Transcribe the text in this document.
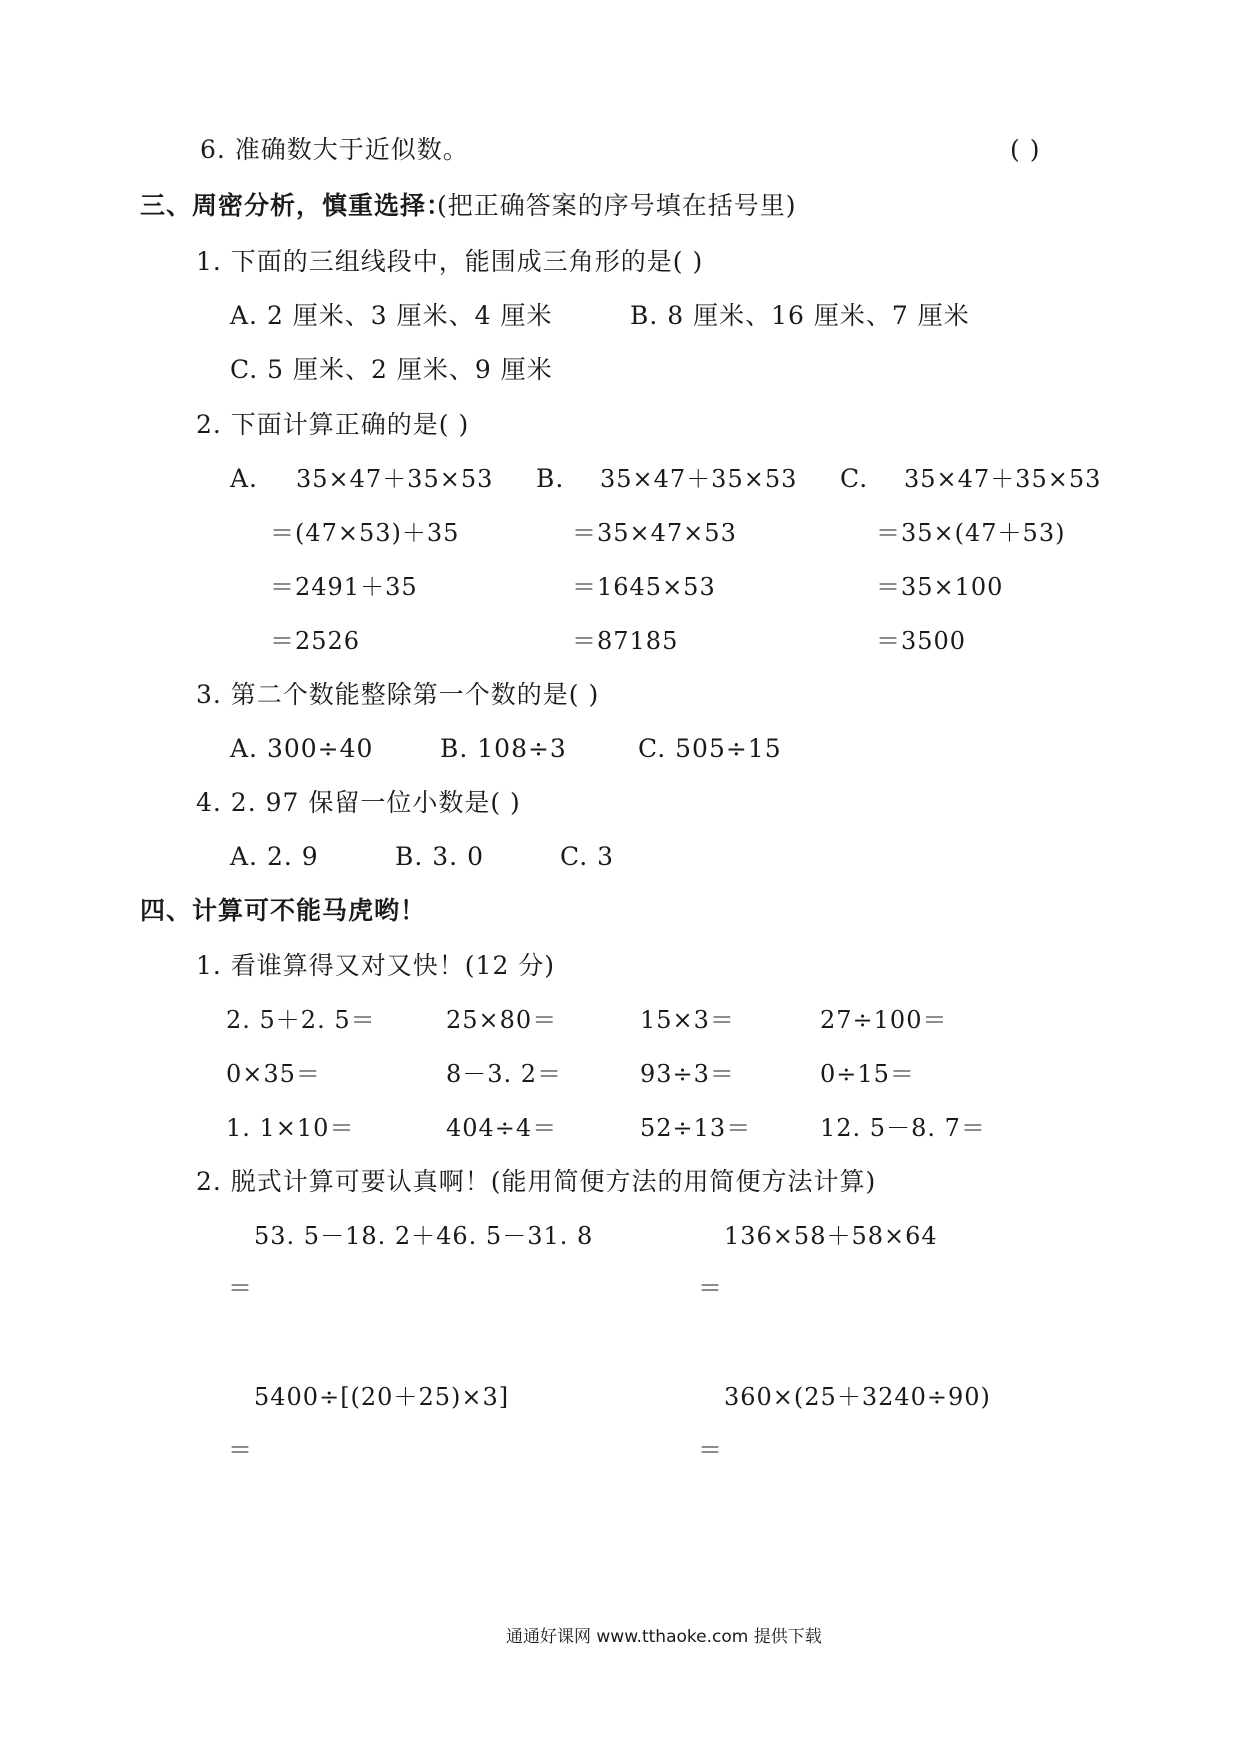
6. 准确数大于近似数。	( )
三、周密分析，慎重选择：
(把正确答案的序号填在括号里)
1. 下面的三组线段中，能围成三角形的是( )
A. 2 厘米、3 厘米、4 厘米	B. 8 厘米、16 厘米、7 厘米
C. 5 厘米、2 厘米、9 厘米
2. 下面计算正确的是( )
A. 35×47＋35×53
＝(47×53)＋35
＝2491＋35
＝2526
B. 35×47＋35×53
＝35×47×53
＝1645×53
＝87185
C. 35×47＋35×53
＝35×(47＋53)
＝35×100
＝3500
3. 第二个数能整除第一个数的是( )
A. 300÷40	B. 108÷3	C. 505÷15
4. 2. 97 保留一位小数是( )
A. 2. 9	B. 3. 0	C. 3
四、计算可不能马虎哟！
1. 看谁算得又对又快！(12 分)
2. 5＋2. 5＝	25×80＝	15×3＝	27÷100＝
0×35＝	8－3. 2＝	93÷3＝	0÷15＝
1. 1×10＝	404÷4＝	52÷13＝	12. 5－8. 7＝
2. 脱式计算可要认真啊！(能用简便方法的用简便方法计算)
53. 5－18. 2＋46. 5－31. 8	136×58＋58×64
＝	＝
5400÷[(20＋25)×3]	360×(25＋3240÷90)
＝	＝
通通好课网 www.tthaoke.com 提供下载
